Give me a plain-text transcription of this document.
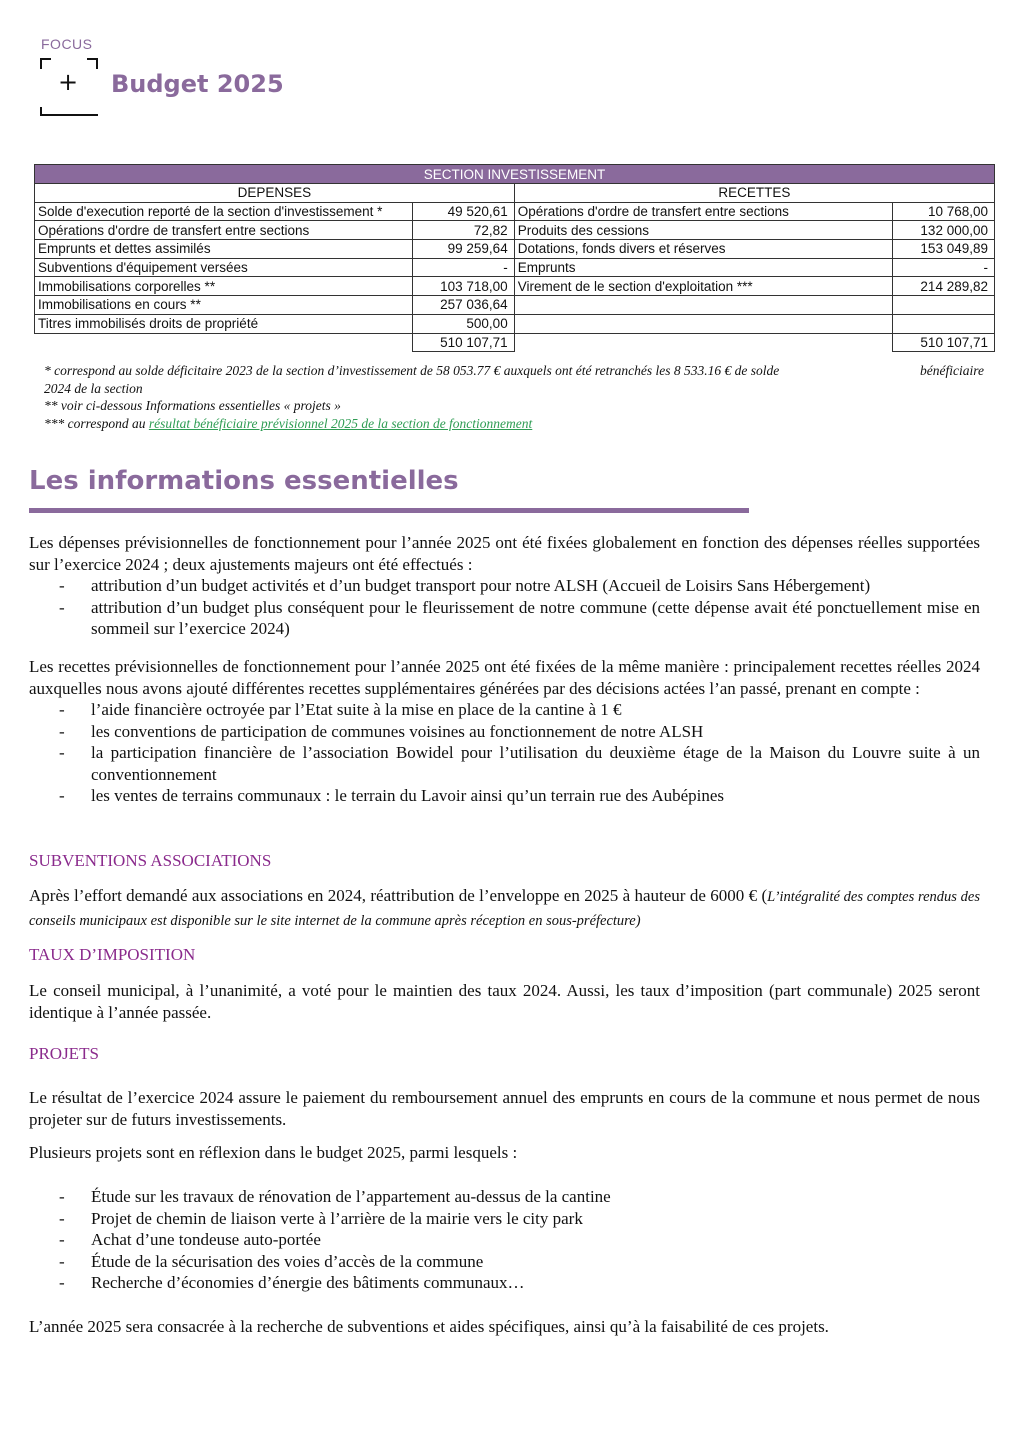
FOCUS
+ Budget 2025
SECTION INVESTISSEMENT			
DEPENSES		RECETTES	
Solde d'execution reporté de la section d'investissement *	49 520,61	Opérations d'ordre de transfert entre sections	10 768,00
Opérations d'ordre de transfert entre sections	72,82	Produits des cessions	132 000,00
Emprunts et dettes assimilés	99 259,64	Dotations, fonds divers et réserves	153 049,89
Subventions d'équipement versées	-	Emprunts	-
Immobilisations corporelles **	103 718,00	Virement de le section d'exploitation ***	214 289,82
Immobilisations en cours **	257 036,64		
Titres immobilisés droits de propriété	500,00		
	510 107,71		510 107,71

* correspond au solde déficitaire 2023 de la section d’investissement de 58 053.77 € auxquels ont été retranchés les 8 533.16 € de solde	bénéficiaire

2024 de la section

** voir ci-dessous Informations essentielles « projets »

*** correspond au résultat bénéficiaire prévisionnel 2025 de la section de fonctionnement

Les informations essentielles

Les dépenses prévisionnelles de fonctionnement pour l’année 2025 ont été fixées globalement en fonction des dépenses réelles supportées sur l’exercice 2024 ; deux ajustements majeurs ont été effectués :

- attribution d’un budget activités et d’un budget transport pour notre ALSH (Accueil de Loisirs Sans Hébergement)
- attribution d’un budget plus conséquent pour le fleurissement de notre commune (cette dépense avait été ponctuellement mise en sommeil sur l’exercice 2024)

Les recettes prévisionnelles de fonctionnement pour l’année 2025 ont été fixées de la même manière : principalement recettes réelles 2024 auxquelles nous avons ajouté différentes recettes supplémentaires générées par des décisions actées l’an passé, prenant en compte :

- l’aide financière octroyée par l’Etat suite à la mise en place de la cantine à 1 €
- les conventions de participation de communes voisines au fonctionnement de notre ALSH
- la participation financière de l’association Bowidel pour l’utilisation du deuxième étage de la Maison du Louvre suite à un conventionnement
- les ventes de terrains communaux : le terrain du Lavoir ainsi qu’un terrain rue des Aubépines
SUBVENTIONS ASSOCIATIONS

Après l’effort demandé aux associations en 2024, réattribution de l’enveloppe en 2025 à hauteur de 6000 € (L’intégralité des comptes rendus des conseils municipaux est disponible sur le site internet de la commune après réception en sous-préfecture)

TAUX D’IMPOSITION

Le conseil municipal, à l’unanimité, a voté pour le maintien des taux 2024. Aussi, les taux d’imposition (part communale) 2025 seront identique à l’année passée.

PROJETS

Le résultat de l’exercice 2024 assure le paiement du remboursement annuel des emprunts en cours de la commune et nous permet de nous projeter sur de futurs investissements.

Plusieurs projets sont en réflexion dans le budget 2025, parmi lesquels :

- Étude sur les travaux de rénovation de l’appartement au-dessus de la cantine
- Projet de chemin de liaison verte à l’arrière de la mairie vers le city park
- Achat d’une tondeuse auto-portée
- Étude de la sécurisation des voies d’accès de la commune
- Recherche d’économies d’énergie des bâtiments communaux…

L’année 2025 sera consacrée à la recherche de subventions et aides spécifiques, ainsi qu’à la faisabilité de ces projets.
